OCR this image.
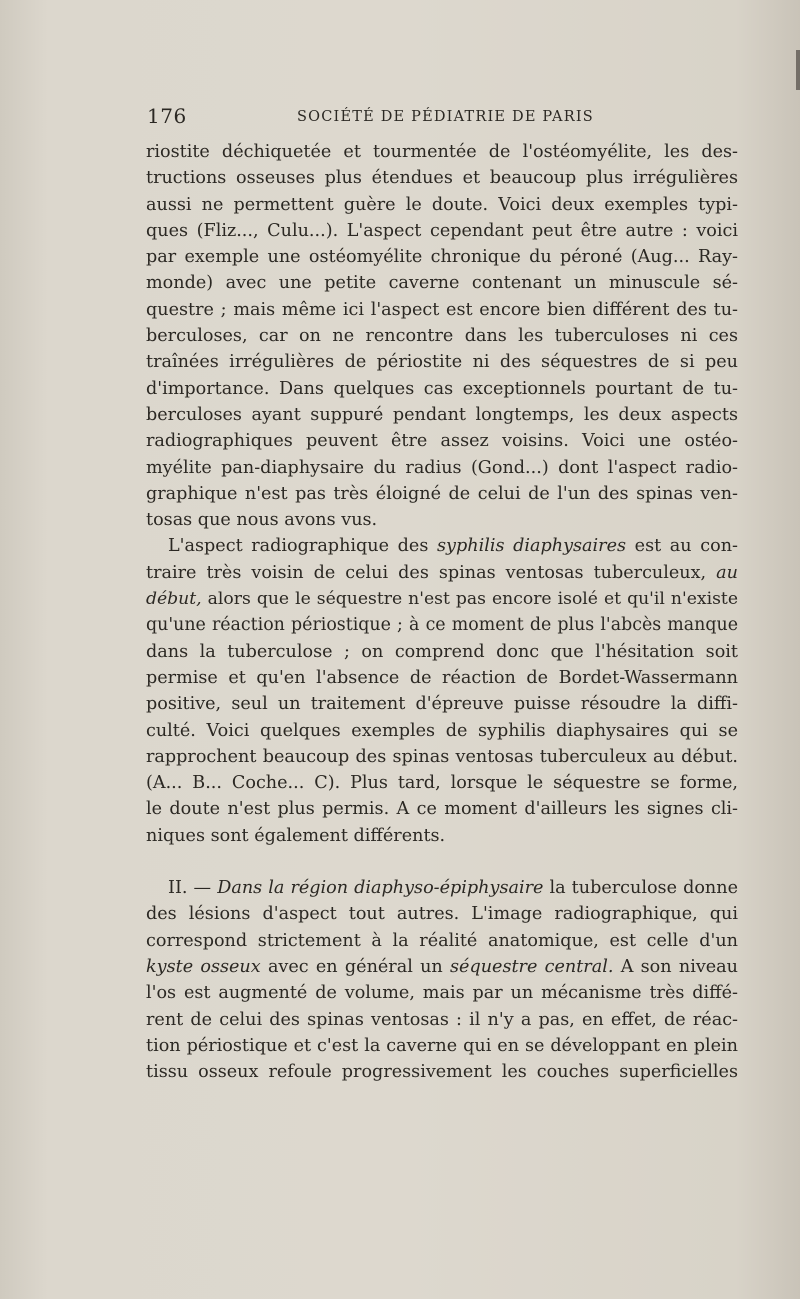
176	SOCIÉTÉ DE PÉDIATRIE DE PARIS
riostite déchiquetée et tourmentée de l'ostéomyélite, les des-
tructions osseuses plus étendues et beaucoup plus irrégulières
aussi ne permettent guère le doute. Voici deux exemples typi-
ques (Fliz..., Culu...). L'aspect cependant peut être autre : voici
par exemple une ostéomyélite chronique du péroné (Aug... Ray-
monde) avec une petite caverne contenant un minuscule sé-
questre ; mais même ici l'aspect est encore bien différent des tu-
berculoses, car on ne rencontre dans les tuberculoses ni ces
traînées irrégulières de périostite ni des séquestres de si peu
d'importance. Dans quelques cas exceptionnels pourtant de tu-
berculoses ayant suppuré pendant longtemps, les deux aspects
radiographiques peuvent être assez voisins. Voici une ostéo-
myélite pan-diaphysaire du radius (Gond...) dont l'aspect radio-
graphique n'est pas très éloigné de celui de l'un des spinas ven-
tosas que nous avons vus.
L'aspect radiographique des syphilis diaphysaires est au con-
traire très voisin de celui des spinas ventosas tuberculeux, au
début, alors que le séquestre n'est pas encore isolé et qu'il n'existe
qu'une réaction périostique ; à ce moment de plus l'abcès manque
dans la tuberculose ; on comprend donc que l'hésitation soit
permise et qu'en l'absence de réaction de Bordet-Wassermann
positive, seul un traitement d'épreuve puisse résoudre la diffi-
culté. Voici quelques exemples de syphilis diaphysaires qui se
rapprochent beaucoup des spinas ventosas tuberculeux au début.
(A... B... Coche... C). Plus tard, lorsque le séquestre se forme,
le doute n'est plus permis. A ce moment d'ailleurs les signes cli-
niques sont également différents.
II. — Dans la région diaphyso-épiphysaire la tuberculose donne
des lésions d'aspect tout autres. L'image radiographique, qui
correspond strictement à la réalité anatomique, est celle d'un
kyste osseux avec en général un séquestre central. A son niveau
l'os est augmenté de volume, mais par un mécanisme très diffé-
rent de celui des spinas ventosas : il n'y a pas, en effet, de réac-
tion périostique et c'est la caverne qui en se développant en plein
tissu osseux refoule progressivement les couches superficielles
